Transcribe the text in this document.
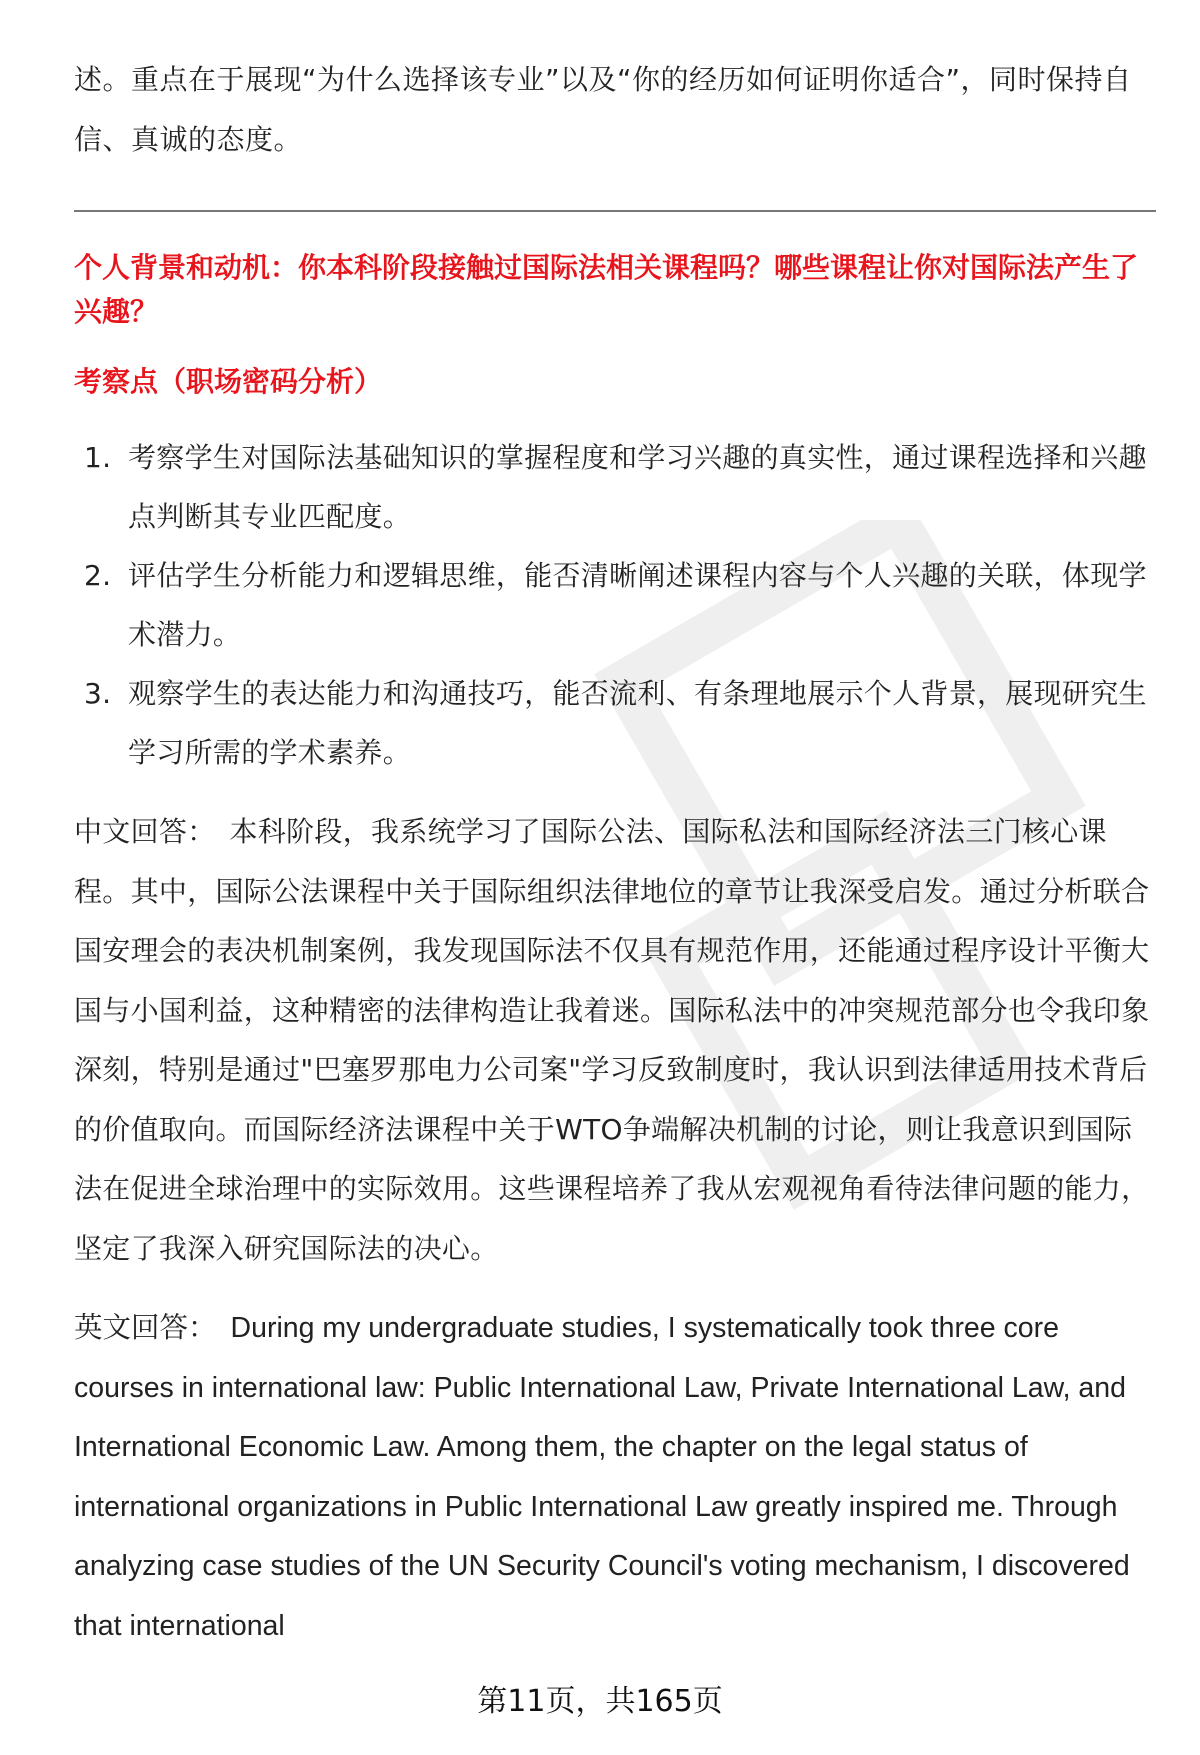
述。重点在于展现“为什么选择该专业”以及“你的经历如何证明你适合”，同时保持自信、真诚的态度。

个人背景和动机：你本科阶段接触过国际法相关课程吗？哪些课程让你对国际法产生了兴趣？

考察点（职场密码分析）

1. 考察学生对国际法基础知识的掌握程度和学习兴趣的真实性，通过课程选择和兴趣点判断其专业匹配度。
2. 评估学生分析能力和逻辑思维，能否清晰阐述课程内容与个人兴趣的关联，体现学术潜力。
3. 观察学生的表达能力和沟通技巧，能否流利、有条理地展示个人背景，展现研究生学习所需的学术素养。

中文回答： 本科阶段，我系统学习了国际公法、国际私法和国际经济法三门核心课程。其中，国际公法课程中关于国际组织法律地位的章节让我深受启发。通过分析联合国安理会的表决机制案例，我发现国际法不仅具有规范作用，还能通过程序设计平衡大国与小国利益，这种精密的法律构造让我着迷。国际私法中的冲突规范部分也令我印象深刻，特别是通过"巴塞罗那电力公司案"学习反致制度时，我认识到法律适用技术背后的价值取向。而国际经济法课程中关于WTO争端解决机制的讨论，则让我意识到国际法在促进全球治理中的实际效用。这些课程培养了我从宏观视角看待法律问题的能力，坚定了我深入研究国际法的决心。

英文回答： During my undergraduate studies, I systematically took three core courses in international law: Public International Law, Private International Law, and International Economic Law. Among them, the chapter on the legal status of international organizations in Public International Law greatly inspired me. Through analyzing case studies of the UN Security Council's voting mechanism, I discovered that international

第11页，共165页
